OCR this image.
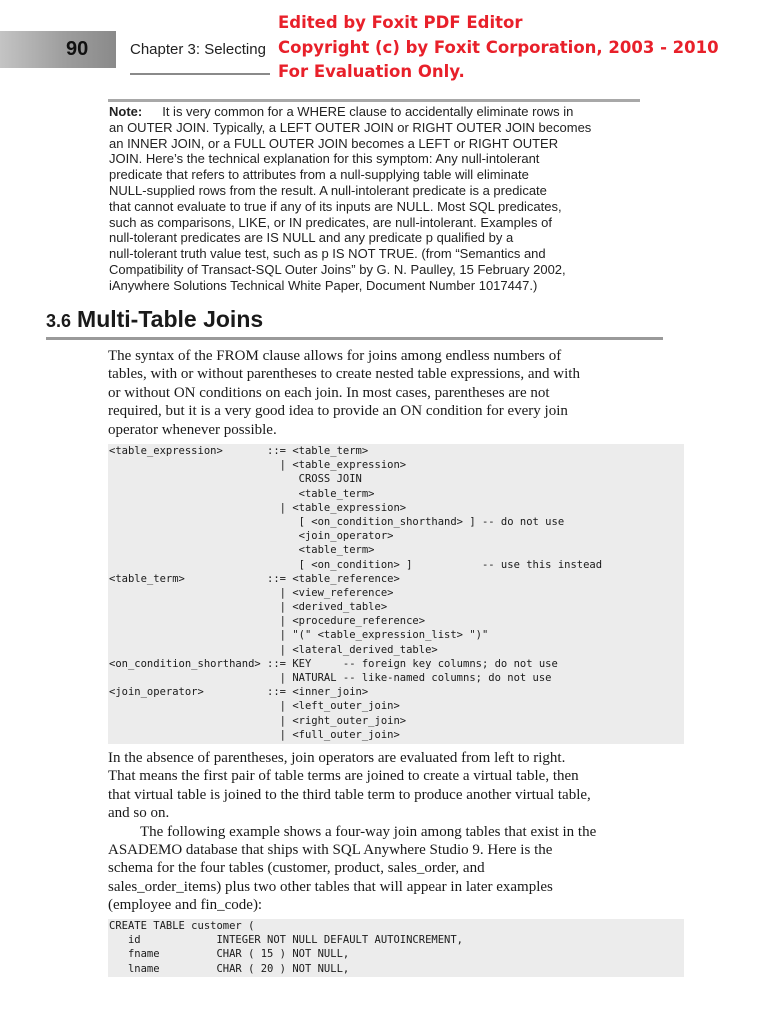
90	Chapter 3: Selecting
Edited by Foxit PDF Editor
Copyright (c) by Foxit Corporation, 2003 - 2010
For Evaluation Only.
Note: It is very common for a WHERE clause to accidentally eliminate rows in
an OUTER JOIN. Typically, a LEFT OUTER JOIN or RIGHT OUTER JOIN becomes
an INNER JOIN, or a FULL OUTER JOIN becomes a LEFT or RIGHT OUTER
JOIN. Here’s the technical explanation for this symptom: Any null-intolerant
predicate that refers to attributes from a null-supplying table will eliminate
NULL-supplied rows from the result. A null-intolerant predicate is a predicate
that cannot evaluate to true if any of its inputs are NULL. Most SQL predicates,
such as comparisons, LIKE, or IN predicates, are null-intolerant. Examples of
null-tolerant predicates are IS NULL and any predicate p qualified by a
null-tolerant truth value test, such as p IS NOT TRUE. (from “Semantics and
Compatibility of Transact-SQL Outer Joins” by G. N. Paulley, 15 February 2002,
iAnywhere Solutions Technical White Paper, Document Number 1017447.)
3.6 Multi-Table Joins
The syntax of the FROM clause allows for joins among endless numbers of
tables, with or without parentheses to create nested table expressions, and with
or without ON conditions on each join. In most cases, parentheses are not
required, but it is a very good idea to provide an ON condition for every join
operator whenever possible.
<table_expression>       ::= <table_term>
| <table_expression>
CROSS JOIN
<table_term>
| <table_expression>
[ <on_condition_shorthand> ] -- do not use
<join_operator>
<table_term>
[ <on_condition> ]           -- use this instead
<table_term>             ::= <table_reference>
| <view_reference>
| <derived_table>
| <procedure_reference>
| "(" <table_expression_list> ")"
| <lateral_derived_table>
<on_condition_shorthand> ::= KEY     -- foreign key columns; do not use
| NATURAL -- like-named columns; do not use
<join_operator>          ::= <inner_join>
| <left_outer_join>
| <right_outer_join>
| <full_outer_join>
In the absence of parentheses, join operators are evaluated from left to right.
That means the first pair of table terms are joined to create a virtual table, then
that virtual table is joined to the third table term to produce another virtual table,
and so on.
The following example shows a four-way join among tables that exist in the
ASADEMO database that ships with SQL Anywhere Studio 9. Here is the
schema for the four tables (customer, product, sales_order, and
sales_order_items) plus two other tables that will appear in later examples
(employee and fin_code):
CREATE TABLE customer (
id            INTEGER NOT NULL DEFAULT AUTOINCREMENT,
fname         CHAR ( 15 ) NOT NULL,
lname         CHAR ( 20 ) NOT NULL,
